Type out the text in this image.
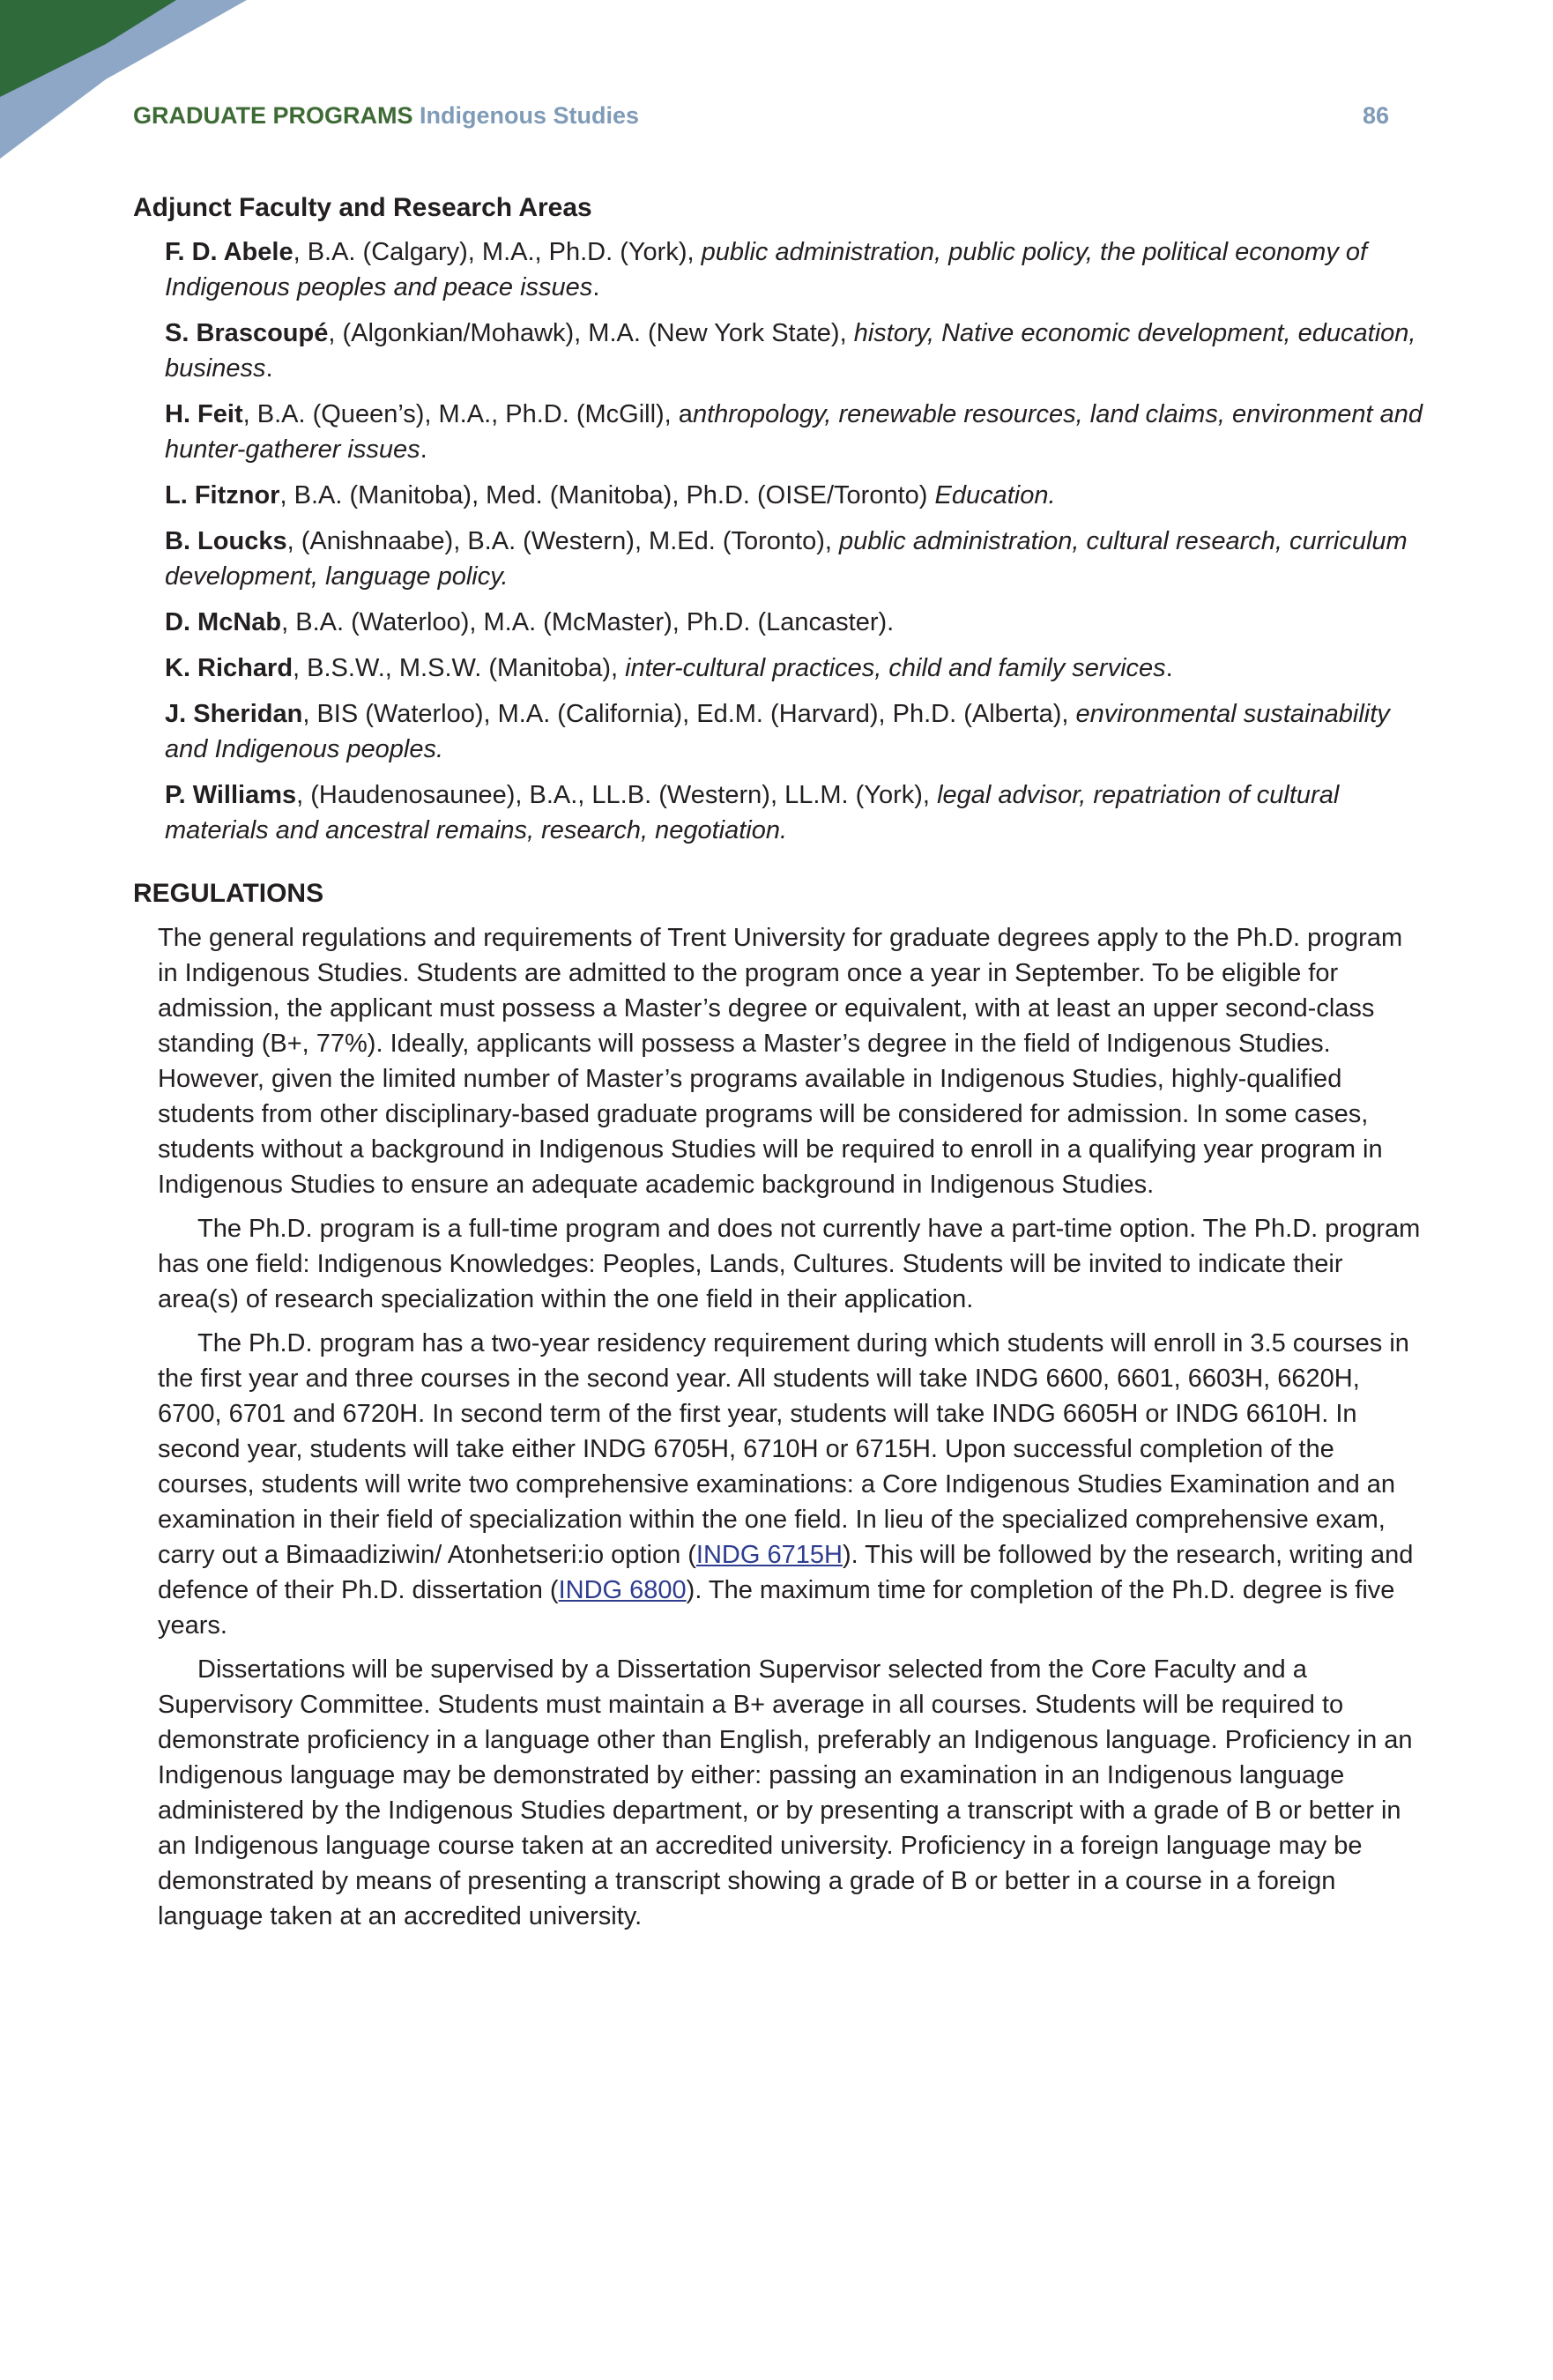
GRADUATE PROGRAMS Indigenous Studies	86
Adjunct Faculty and Research Areas
F. D. Abele, B.A. (Calgary), M.A., Ph.D. (York), public administration, public policy, the political economy of Indigenous peoples and peace issues.
S. Brascoupé, (Algonkian/Mohawk), M.A. (New York State), history, Native economic development, education, business.
H. Feit, B.A. (Queen’s), M.A., Ph.D. (McGill), anthropology, renewable resources, land claims, environment and hunter-gatherer issues.
L. Fitznor, B.A. (Manitoba), Med. (Manitoba), Ph.D. (OISE/Toronto) Education.
B. Loucks, (Anishnaabe), B.A. (Western), M.Ed. (Toronto), public administration, cultural research, curriculum development, language policy.
D. McNab, B.A. (Waterloo), M.A. (McMaster), Ph.D. (Lancaster).
K. Richard, B.S.W., M.S.W. (Manitoba), inter-cultural practices, child and family services.
J. Sheridan, BIS (Waterloo), M.A. (California), Ed.M. (Harvard), Ph.D. (Alberta), environmental sustainability and Indigenous peoples.
P. Williams, (Haudenosaunee), B.A., LL.B. (Western), LL.M. (York), legal advisor, repatriation of cultural materials and ancestral remains, research, negotiation.
REGULATIONS

The general regulations and requirements of Trent University for graduate degrees apply to the Ph.D. program in Indigenous Studies. Students are admitted to the program once a year in September. To be eligible for admission, the applicant must possess a Master’s degree or equivalent, with at least an upper second-class standing (B+, 77%). Ideally, applicants will possess a Master’s degree in the field of Indigenous Studies. However, given the limited number of Master’s programs available in Indigenous Studies, highly-qualified students from other disciplinary-based graduate programs will be considered for admission. In some cases, students without a background in Indigenous Studies will be required to enroll in a qualifying year program in Indigenous Studies to ensure an adequate academic background in Indigenous Studies.

The Ph.D. program is a full-time program and does not currently have a part-time option. The Ph.D. program has one field: Indigenous Knowledges: Peoples, Lands, Cultures. Students will be invited to indicate their area(s) of research specialization within the one field in their application.

The Ph.D. program has a two-year residency requirement during which students will enroll in 3.5 courses in the first year and three courses in the second year. All students will take INDG 6600, 6601, 6603H, 6620H, 6700, 6701 and 6720H. In second term of the first year, students will take INDG 6605H or INDG 6610H. In second year, students will take either INDG 6705H, 6710H or 6715H. Upon successful completion of the courses, students will write two comprehensive examinations: a Core Indigenous Studies Examination and an examination in their field of specialization within the one field. In lieu of the specialized comprehensive exam, carry out a Bimaadiziwin/ Atonhetseri:io option (INDG 6715H). This will be followed by the research, writing and defence of their Ph.D. dissertation (INDG 6800). The maximum time for completion of the Ph.D. degree is five years.

Dissertations will be supervised by a Dissertation Supervisor selected from the Core Faculty and a Supervisory Committee. Students must maintain a B+ average in all courses. Students will be required to demonstrate proficiency in a language other than English, preferably an Indigenous language. Proficiency in an Indigenous language may be demonstrated by either: passing an examination in an Indigenous language administered by the Indigenous Studies department, or by presenting a transcript with a grade of B or better in an Indigenous language course taken at an accredited university. Proficiency in a foreign language may be demonstrated by means of presenting a transcript showing a grade of B or better in a course in a foreign language taken at an accredited university.
